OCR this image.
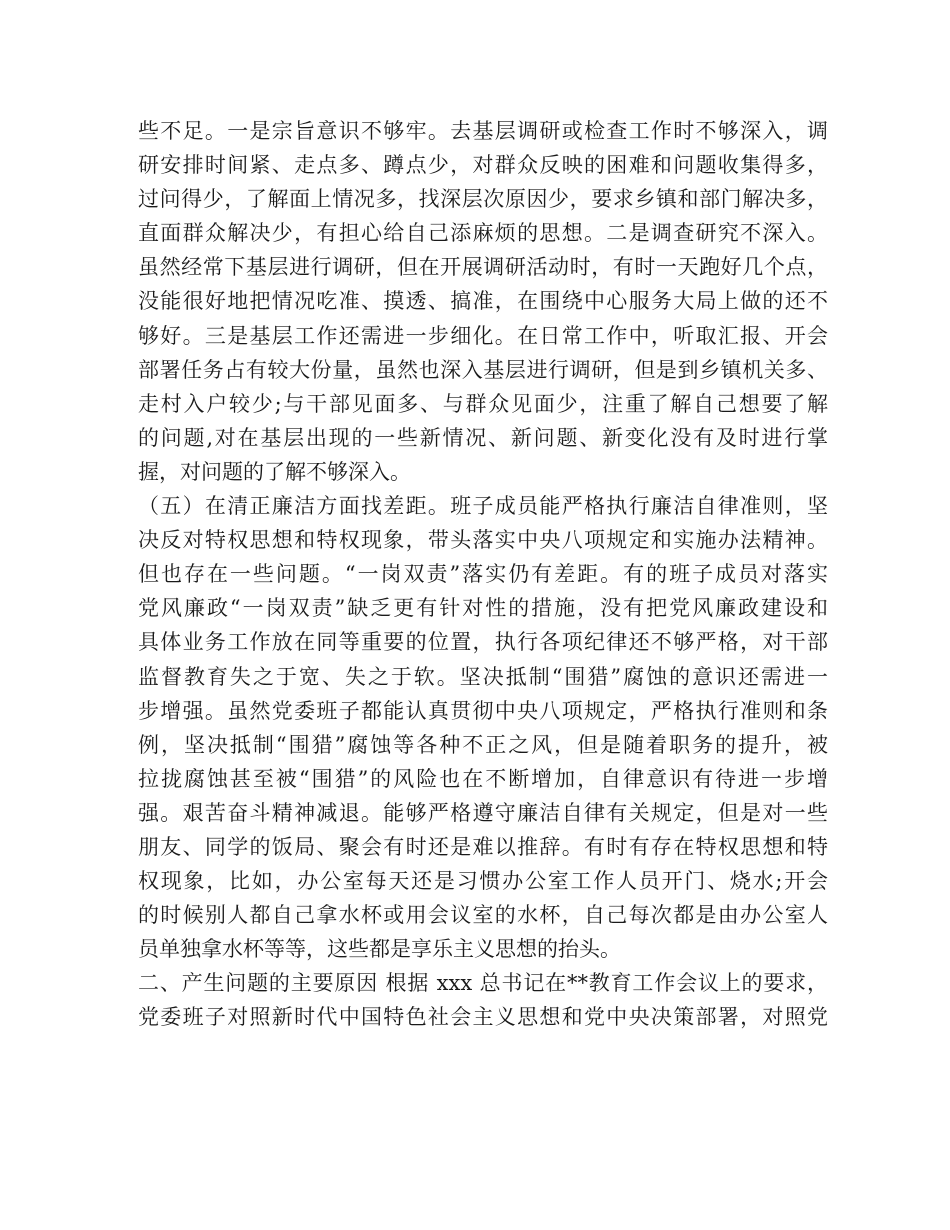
些不足。一是宗旨意识不够牢。去基层调研或检查工作时不够深入，调
研安排时间紧、走点多、蹲点少，对群众反映的困难和问题收集得多，
过问得少，了解面上情况多，找深层次原因少，要求乡镇和部门解决多，
直面群众解决少，有担心给自己添麻烦的思想。二是调查研究不深入。
虽然经常下基层进行调研，但在开展调研活动时，有时一天跑好几个点，
没能很好地把情况吃准、摸透、搞准，在围绕中心服务大局上做的还不
够好。三是基层工作还需进一步细化。在日常工作中，听取汇报、开会
部署任务占有较大份量，虽然也深入基层进行调研，但是到乡镇机关多、
走村入户较少;与干部见面多、与群众见面少，注重了解自己想要了解
的问题,对在基层出现的一些新情况、新问题、新变化没有及时进行掌
握，对问题的了解不够深入。
（五）在清正廉洁方面找差距。班子成员能严格执行廉洁自律准则，坚
决反对特权思想和特权现象，带头落实中央八项规定和实施办法精神。
但也存在一些问题。“一岗双责”落实仍有差距。有的班子成员对落实
党风廉政“一岗双责”缺乏更有针对性的措施，没有把党风廉政建设和
具体业务工作放在同等重要的位置，执行各项纪律还不够严格，对干部
监督教育失之于宽、失之于软。坚决抵制“围猎”腐蚀的意识还需进一
步增强。虽然党委班子都能认真贯彻中央八项规定，严格执行准则和条
例，坚决抵制“围猎”腐蚀等各种不正之风，但是随着职务的提升，被
拉拢腐蚀甚至被“围猎”的风险也在不断增加，自律意识有待进一步增
强。艰苦奋斗精神减退。能够严格遵守廉洁自律有关规定，但是对一些
朋友、同学的饭局、聚会有时还是难以推辞。有时有存在特权思想和特
权现象，比如，办公室每天还是习惯办公室工作人员开门、烧水;开会
的时候别人都自己拿水杯或用会议室的水杯，自己每次都是由办公室人
员单独拿水杯等等，这些都是享乐主义思想的抬头。
二、产生问题的主要原因 根据 xxx 总书记在**教育工作会议上的要求，
党委班子对照新时代中国特色社会主义思想和党中央决策部署，对照党
